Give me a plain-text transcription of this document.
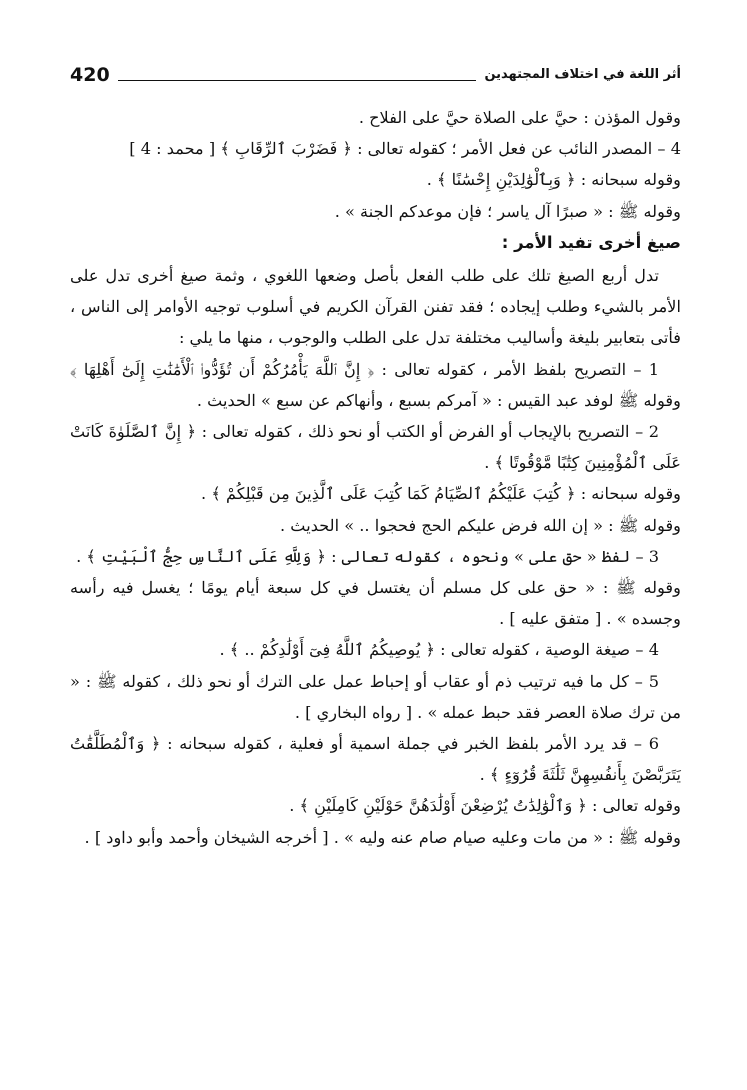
420	أثر اللغة في اختلاف المجتهدين

وقول المؤذن : حيَّ على الصلاة حيَّ على الفلاح .

4 – المصدر النائب عن فعل الأمر ؛ كقوله تعالى : ﴿ فَضَرْبَ ٱلرِّقَابِ ﴾ [ محمد : 4 ]

وقوله سبحانه : ﴿ وَبِٱلْوَٰلِدَيْنِ إِحْسَٰنًا ﴾ .

وقوله ﷺ : « صبرًا آل ياسر ؛ فإن موعدكم الجنة » .

صيغ أخرى تفيد الأمر :

تدل أربع الصيغ تلك على طلب الفعل بأصل وضعها اللغوي ، وثمة صيغ أخرى تدل على الأمر بالشيء وطلب إيجاده ؛ فقد تفنن القرآن الكريم في أسلوب توجيه الأوامر إلى الناس ، فأتى بتعابير بليغة وأساليب مختلفة تدل على الطلب والوجوب ، منها ما يلي :

1 – التصريح بلفظ الأمر ، كقوله تعالى : ﴿ إِنَّ ٱللَّهَ يَأْمُرُكُمْ أَن تُؤَدُّوا۟ ٱلْأَمَٰنَٰتِ إِلَىٰٓ أَهْلِهَا ﴾ وقوله ﷺ لوفد عبد القيس : « آمركم بسبع ، وأنهاكم عن سبع » الحديث .

2 – التصريح بالإيجاب أو الفرض أو الكتب أو نحو ذلك ، كقوله تعالى : ﴿ إِنَّ ٱلصَّلَوٰةَ كَانَتْ عَلَى ٱلْمُؤْمِنِينَ كِتَٰبًا مَّوْقُوتًا ﴾ .

وقوله سبحانه : ﴿ كُتِبَ عَلَيْكُمُ ٱلصِّيَامُ كَمَا كُتِبَ عَلَى ٱلَّذِينَ مِن قَبْلِكُمْ ﴾ .

وقوله ﷺ : « إن الله فرض عليكم الحج فحجوا .. » الحديث .

3 – لفظ « حق على » ونحوه ، كقوله تعالى : ﴿ وَلِلَّهِ عَلَى ٱلنَّاسِ حِجُّ ٱلْبَيْتِ ﴾ .

وقوله ﷺ : « حق على كل مسلم أن يغتسل في كل سبعة أيام يومًا ؛ يغسل فيه رأسه وجسده » . [ متفق عليه ] .

4 – صيغة الوصية ، كقوله تعالى : ﴿ يُوصِيكُمُ ٱللَّهُ فِىٓ أَوْلَٰدِكُمْ .. ﴾ .

5 – كل ما فيه ترتيب ذم أو عقاب أو إحباط عمل على الترك أو نحو ذلك ، كقوله ﷺ : « من ترك صلاة العصر فقد حبط عمله » . [ رواه البخاري ] .

6 – قد يرد الأمر بلفظ الخبر في جملة اسمية أو فعلية ، كقوله سبحانه : ﴿ وَٱلْمُطَلَّقَٰتُ يَتَرَبَّصْنَ بِأَنفُسِهِنَّ ثَلَٰثَةَ قُرُوٓءٍ ﴾ .

وقوله تعالى : ﴿ وَٱلْوَٰلِدَٰتُ يُرْضِعْنَ أَوْلَٰدَهُنَّ حَوْلَيْنِ كَامِلَيْنِ ﴾ .

وقوله ﷺ : « من مات وعليه صيام صام عنه وليه » . [ أخرجه الشيخان وأحمد وأبو داود ] .
